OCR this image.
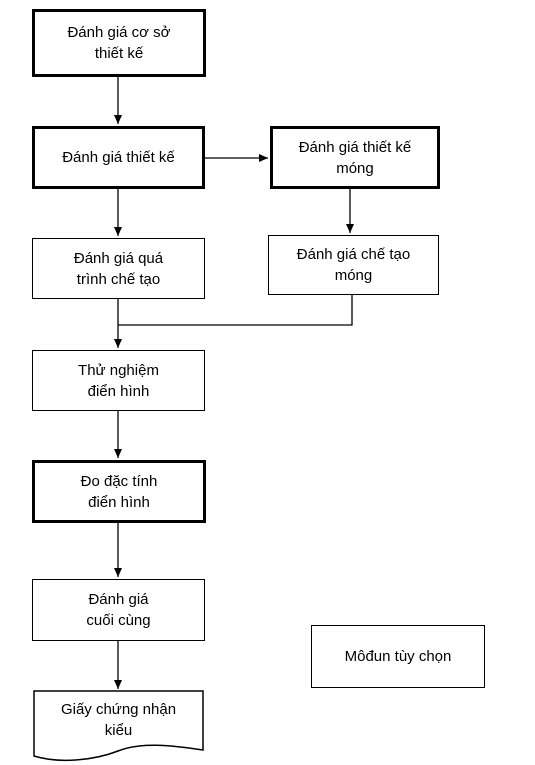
Đánh giá cơ sở
thiết kế
Đánh giá thiết kế
Đánh giá thiết kế
móng
Đánh giá chế tạo
móng
Đánh giá quá
trình chế tạo
Thử nghiệm
điển hình
Đo đặc tính
điển hình
Đánh giá
cuối cùng
Giấy chứng nhận
kiểu
Môđun tùy chọn
